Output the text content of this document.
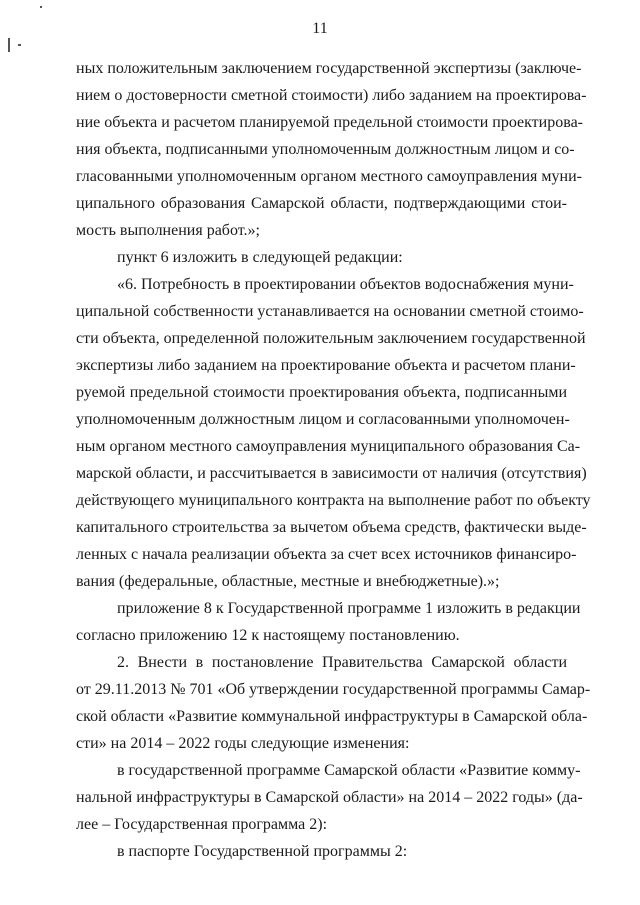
11
ных положительным заключением государственной экспертизы (заключе-
нием о достоверности сметной стоимости) либо заданием на проектирова-
ние объекта и расчетом планируемой предельной стоимости проектирова-
ния объекта, подписанными уполномоченным должностным лицом и со-
гласованными уполномоченным органом местного самоуправления муни-
ципального образования Самарской области, подтверждающими стои-
мость выполнения работ.»;
пункт 6 изложить в следующей редакции:
«6. Потребность в проектировании объектов водоснабжения муни-
ципальной собственности устанавливается на основании сметной стоимо-
сти объекта, определенной положительным заключением государственной
экспертизы либо заданием на проектирование объекта и расчетом плани-
руемой предельной стоимости проектирования объекта, подписанными
уполномоченным должностным лицом и согласованными уполномочен-
ным органом местного самоуправления муниципального образования Са-
марской области, и рассчитывается в зависимости от наличия (отсутствия)
действующего муниципального контракта на выполнение работ по объекту
капитального строительства за вычетом объема средств, фактически выде-
ленных с начала реализации объекта за счет всех источников финансиро-
вания (федеральные, областные, местные и внебюджетные).»;
приложение 8 к Государственной программе 1 изложить в редакции
согласно приложению 12 к настоящему постановлению.
2. Внести в постановление Правительства Самарской области
от 29.11.2013 № 701 «Об утверждении государственной программы Самар-
ской области «Развитие коммунальной инфраструктуры в Самарской обла-
сти» на 2014 – 2022 годы следующие изменения:
в государственной программе Самарской области «Развитие комму-
нальной инфраструктуры в Самарской области» на 2014 – 2022 годы» (да-
лее – Государственная программа 2):
в паспорте Государственной программы 2:
